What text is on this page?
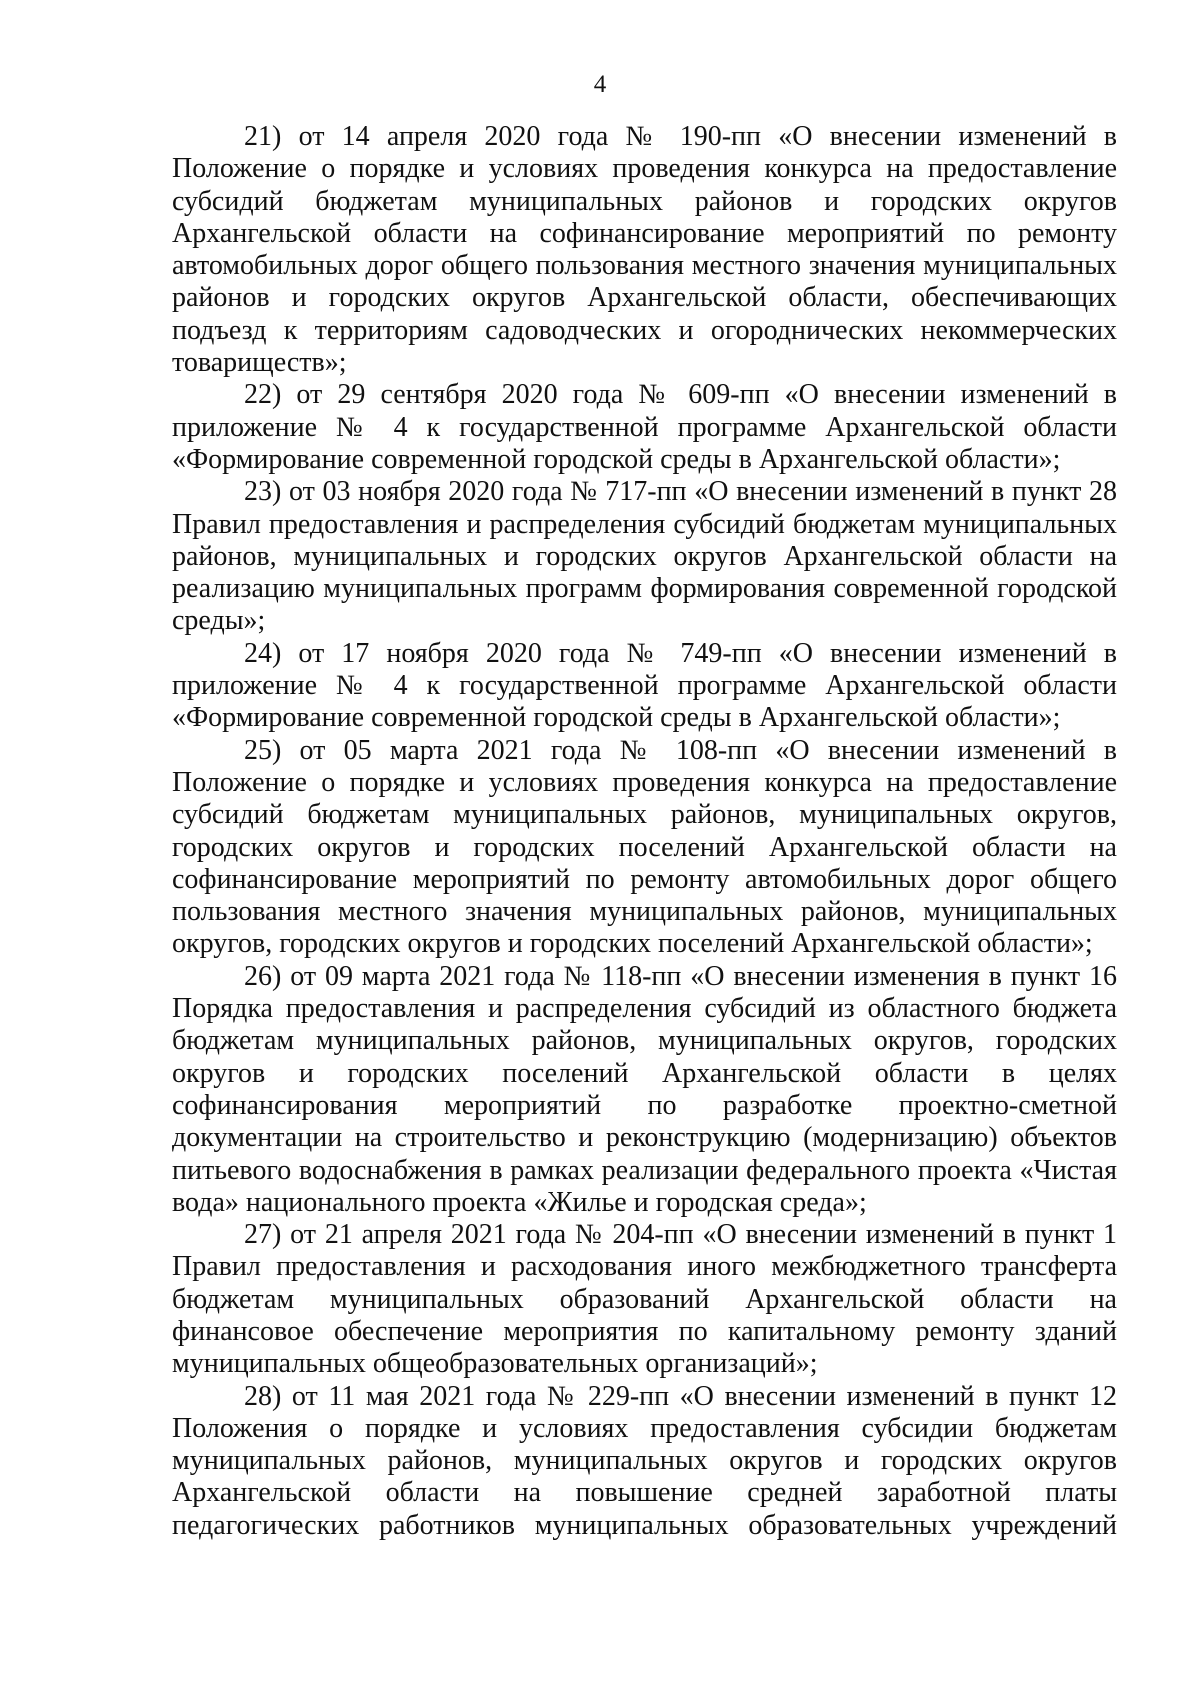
4

21) от 14 апреля 2020 года № 190-пп «О внесении изменений в Положение о порядке и условиях проведения конкурса на предоставление субсидий бюджетам муниципальных районов и городских округов Архангельской области на софинансирование мероприятий по ремонту автомобильных дорог общего пользования местного значения муниципальных районов и городских округов Архангельской области, обеспечивающих подъезд к территориям садоводческих и огороднических некоммерческих товариществ»;

22) от 29 сентября 2020 года № 609-пп «О внесении изменений в приложение № 4 к государственной программе Архангельской области «Формирование современной городской среды в Архангельской области»;

23) от 03 ноября 2020 года № 717-пп «О внесении изменений в пункт 28 Правил предоставления и распределения субсидий бюджетам муниципальных районов, муниципальных и городских округов Архангельской области на реализацию муниципальных программ формирования современной городской среды»;

24) от 17 ноября 2020 года № 749-пп «О внесении изменений в приложение № 4 к государственной программе Архангельской области «Формирование современной городской среды в Архангельской области»;

25) от 05 марта 2021 года № 108-пп «О внесении изменений в Положение о порядке и условиях проведения конкурса на предоставление субсидий бюджетам муниципальных районов, муниципальных округов, городских округов и городских поселений Архангельской области на софинансирование мероприятий по ремонту автомобильных дорог общего пользования местного значения муниципальных районов, муниципальных округов, городских округов и городских поселений Архангельской области»;

26) от 09 марта 2021 года № 118-пп «О внесении изменения в пункт 16 Порядка предоставления и распределения субсидий из областного бюджета бюджетам муниципальных районов, муниципальных округов, городских округов и городских поселений Архангельской области в целях софинансирования мероприятий по разработке проектно-сметной документации на строительство и реконструкцию (модернизацию) объектов питьевого водоснабжения в рамках реализации федерального проекта «Чистая вода» национального проекта «Жилье и городская среда»;

27) от 21 апреля 2021 года № 204-пп «О внесении изменений в пункт 1 Правил предоставления и расходования иного межбюджетного трансферта бюджетам муниципальных образований Архангельской области на финансовое обеспечение мероприятия по капитальному ремонту зданий муниципальных общеобразовательных организаций»;

28) от 11 мая 2021 года № 229-пп «О внесении изменений в пункт 12 Положения о порядке и условиях предоставления субсидии бюджетам муниципальных районов, муниципальных округов и городских округов Архангельской области на повышение средней заработной платы педагогических работников муниципальных образовательных учреждений
